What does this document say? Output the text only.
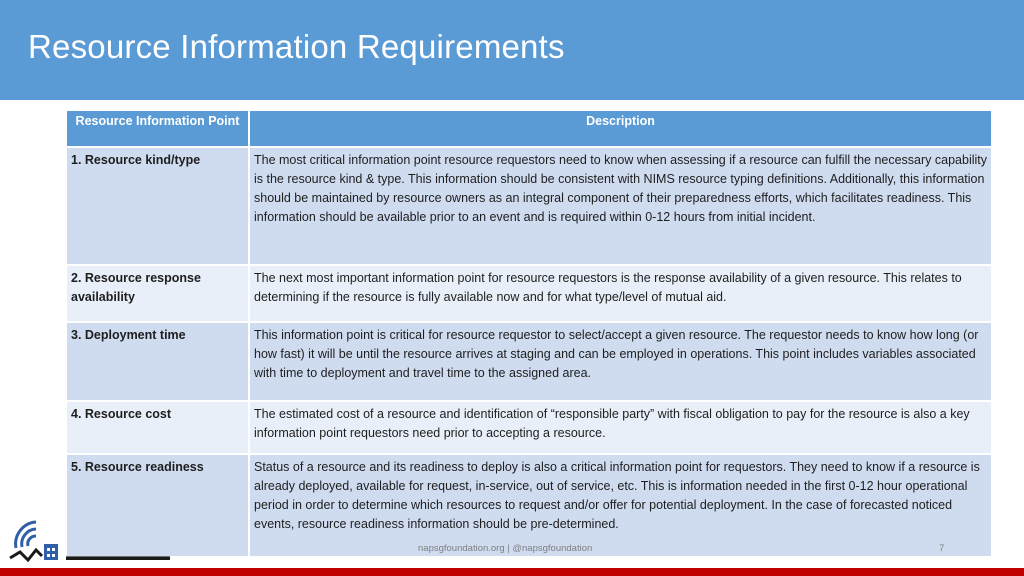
Resource Information Requirements
Resource Information Point	Description
1. Resource kind/type	The most critical information point resource requestors need to know when assessing if a resource can fulfill the necessary capability is the resource kind & type. This information should be consistent with NIMS resource typing definitions. Additionally, this information should be maintained by resource owners as an integral component of their preparedness efforts, which facilitates readiness. This information should be available prior to an event and is required within 0-12 hours from initial incident.
2. Resource response availability	The next most important information point for resource requestors is the response availability of a given resource. This relates to determining if the resource is fully available now and for what type/level of mutual aid.
3. Deployment time	This information point is critical for resource requestor to select/accept a given resource. The requestor needs to know how long (or how fast) it will be until the resource arrives at staging and can be employed in operations. This point includes variables associated with time to deployment and travel time to the assigned area.
4. Resource cost	The estimated cost of a resource and identification of “responsible party” with fiscal obligation to pay for the resource is also a key information point requestors need prior to accepting a resource.
5. Resource readiness	Status of a resource and its readiness to deploy is also a critical information point for requestors. They need to know if a resource is already deployed, available for request, in-service, out of service, etc. This is information needed in the first 0-12 hour operational period in order to determine which resources to request and/or offer for potential deployment. In the case of forecasted noticed events, resource readiness information should be pre-determined.
napsgfoundation.org | @napsgfoundation	7
